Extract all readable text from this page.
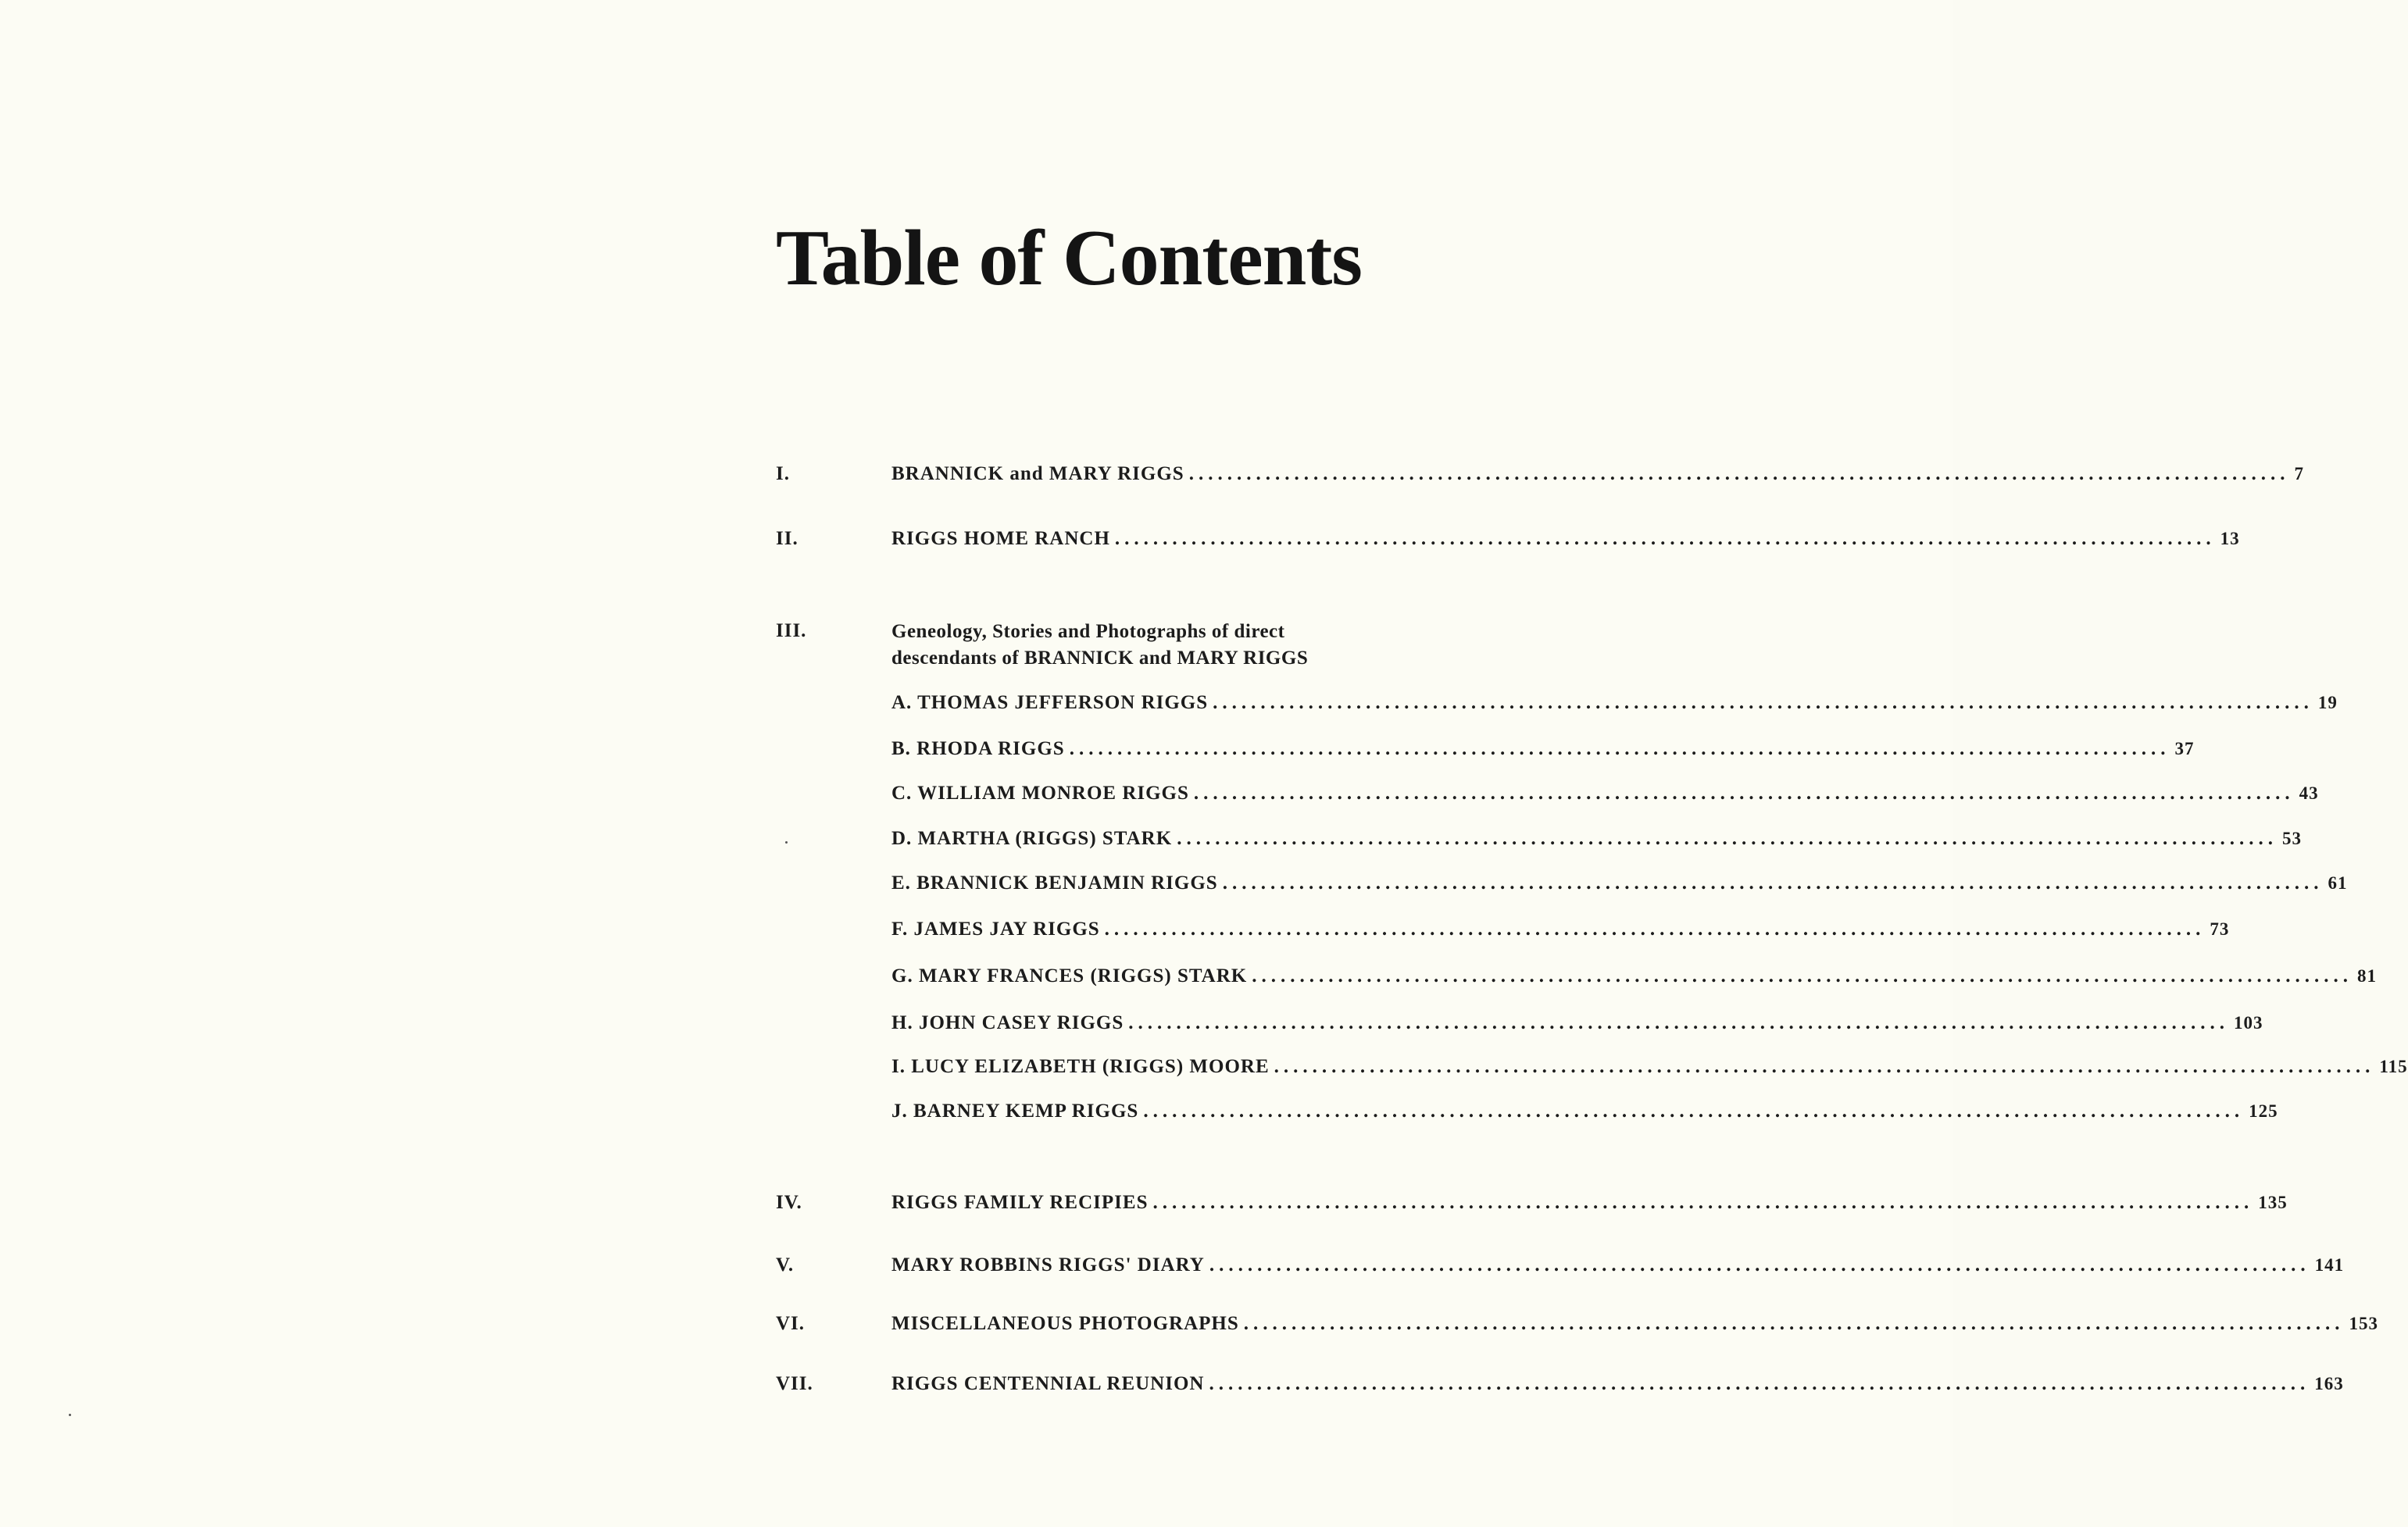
Table of Contents
I.	BRANNICK and MARY RIGGS ................................................................................................................... 7
II.	RIGGS HOME RANCH ................................................................................................................... 13
III.	Geneology, Stories and Photographs of direct
descendants of BRANNICK and MARY RIGGS
A. THOMAS JEFFERSON RIGGS ................................................................................................................... 19
B. RHODA RIGGS ................................................................................................................... 37
C. WILLIAM MONROE RIGGS ................................................................................................................... 43
D. MARTHA (RIGGS) STARK ................................................................................................................... 53
E. BRANNICK BENJAMIN RIGGS ................................................................................................................... 61
F. JAMES JAY RIGGS ................................................................................................................... 73
G. MARY FRANCES (RIGGS) STARK ................................................................................................................... 81
H. JOHN CASEY RIGGS ................................................................................................................... 103
I. LUCY ELIZABETH (RIGGS) MOORE ................................................................................................................... 115
J. BARNEY KEMP RIGGS ................................................................................................................... 125
IV.	RIGGS FAMILY RECIPIES ................................................................................................................... 135
V.	MARY ROBBINS RIGGS' DIARY ................................................................................................................... 141
VI.	MISCELLANEOUS PHOTOGRAPHS ................................................................................................................... 153
VII.	RIGGS CENTENNIAL REUNION ................................................................................................................... 163
